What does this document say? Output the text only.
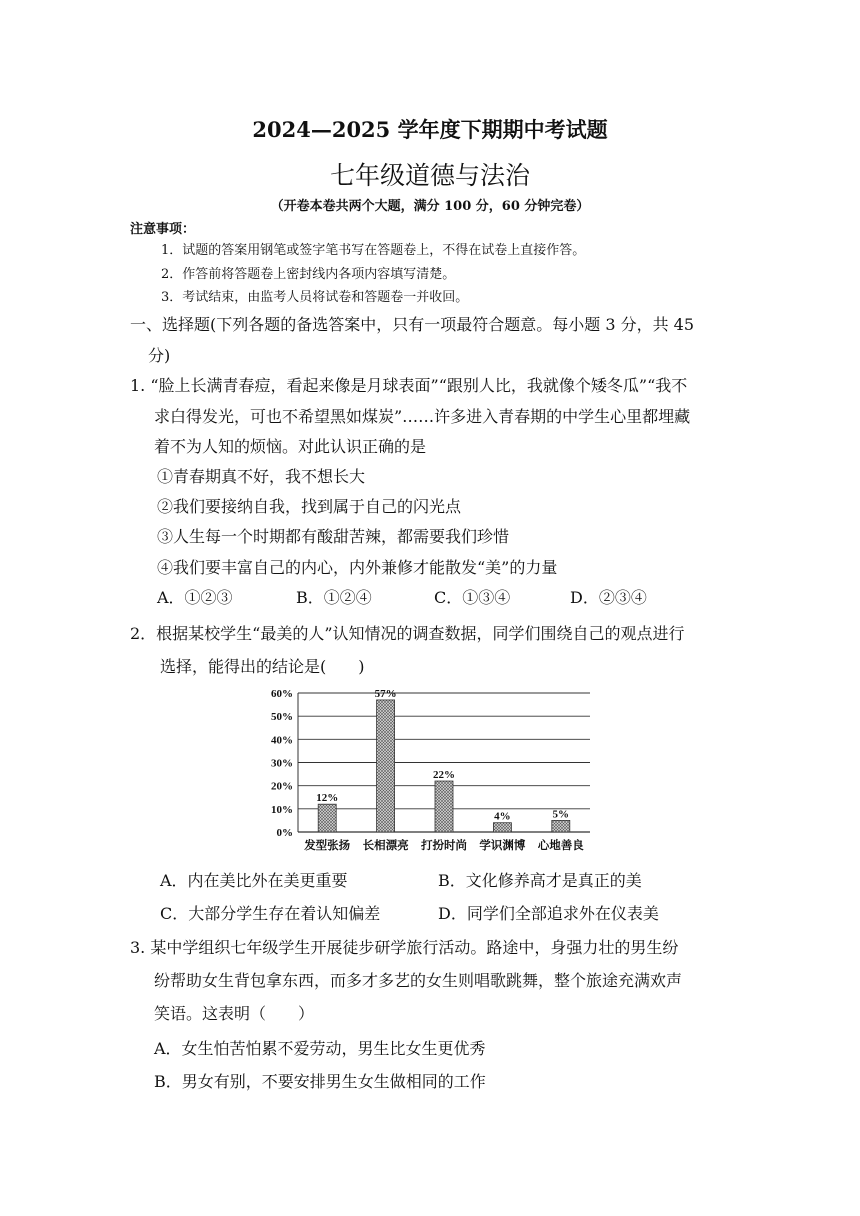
2024—2025 学年度下期期中考试题
七年级道德与法治
（开卷本卷共两个大题，满分 100 分，60 分钟完卷）
注意事项：
1．试题的答案用钢笔或签字笔书写在答题卷上，不得在试卷上直接作答。
2．作答前将答题卷上密封线内各项内容填写清楚。
3．考试结束，由监考人员将试卷和答题卷一并收回。
一、选择题(下列各题的备选答案中，只有一项最符合题意。每小题 3 分，共 45
分)
1. “脸上长满青春痘，看起来像是月球表面”“跟别人比，我就像个矮冬瓜”“我不
求白得发光，可也不希望黑如煤炭”……许多进入青春期的中学生心里都埋藏
着不为人知的烦恼。对此认识正确的是
①青春期真不好，我不想长大
②我们要接纳自我，找到属于自己的闪光点
③人生每一个时期都有酸甜苦辣，都需要我们珍惜
④我们要丰富自己的内心，内外兼修才能散发“美”的力量
A．①②③	B．①②④	C．①③④	D．②③④
2．根据某校学生“最美的人”认知情况的调查数据，同学们围绕自己的观点进行
选择，能得出的结论是(　　)
0%
10%
20%
30%
40%
50%
60%
12%
57%
22%
4%	5%
发型张扬 长相漂亮 打扮时尚 学识渊博 心地善良
A．内在美比外在美更重要	B．文化修养高才是真正的美
C．大部分学生存在着认知偏差	D．同学们全部追求外在仪表美
3. 某中学组织七年级学生开展徒步研学旅行活动。路途中，身强力壮的男生纷
纷帮助女生背包拿东西，而多才多艺的女生则唱歌跳舞，整个旅途充满欢声
笑语。这表明（　　）
A．女生怕苦怕累不爱劳动，男生比女生更优秀
B．男女有别，不要安排男生女生做相同的工作
